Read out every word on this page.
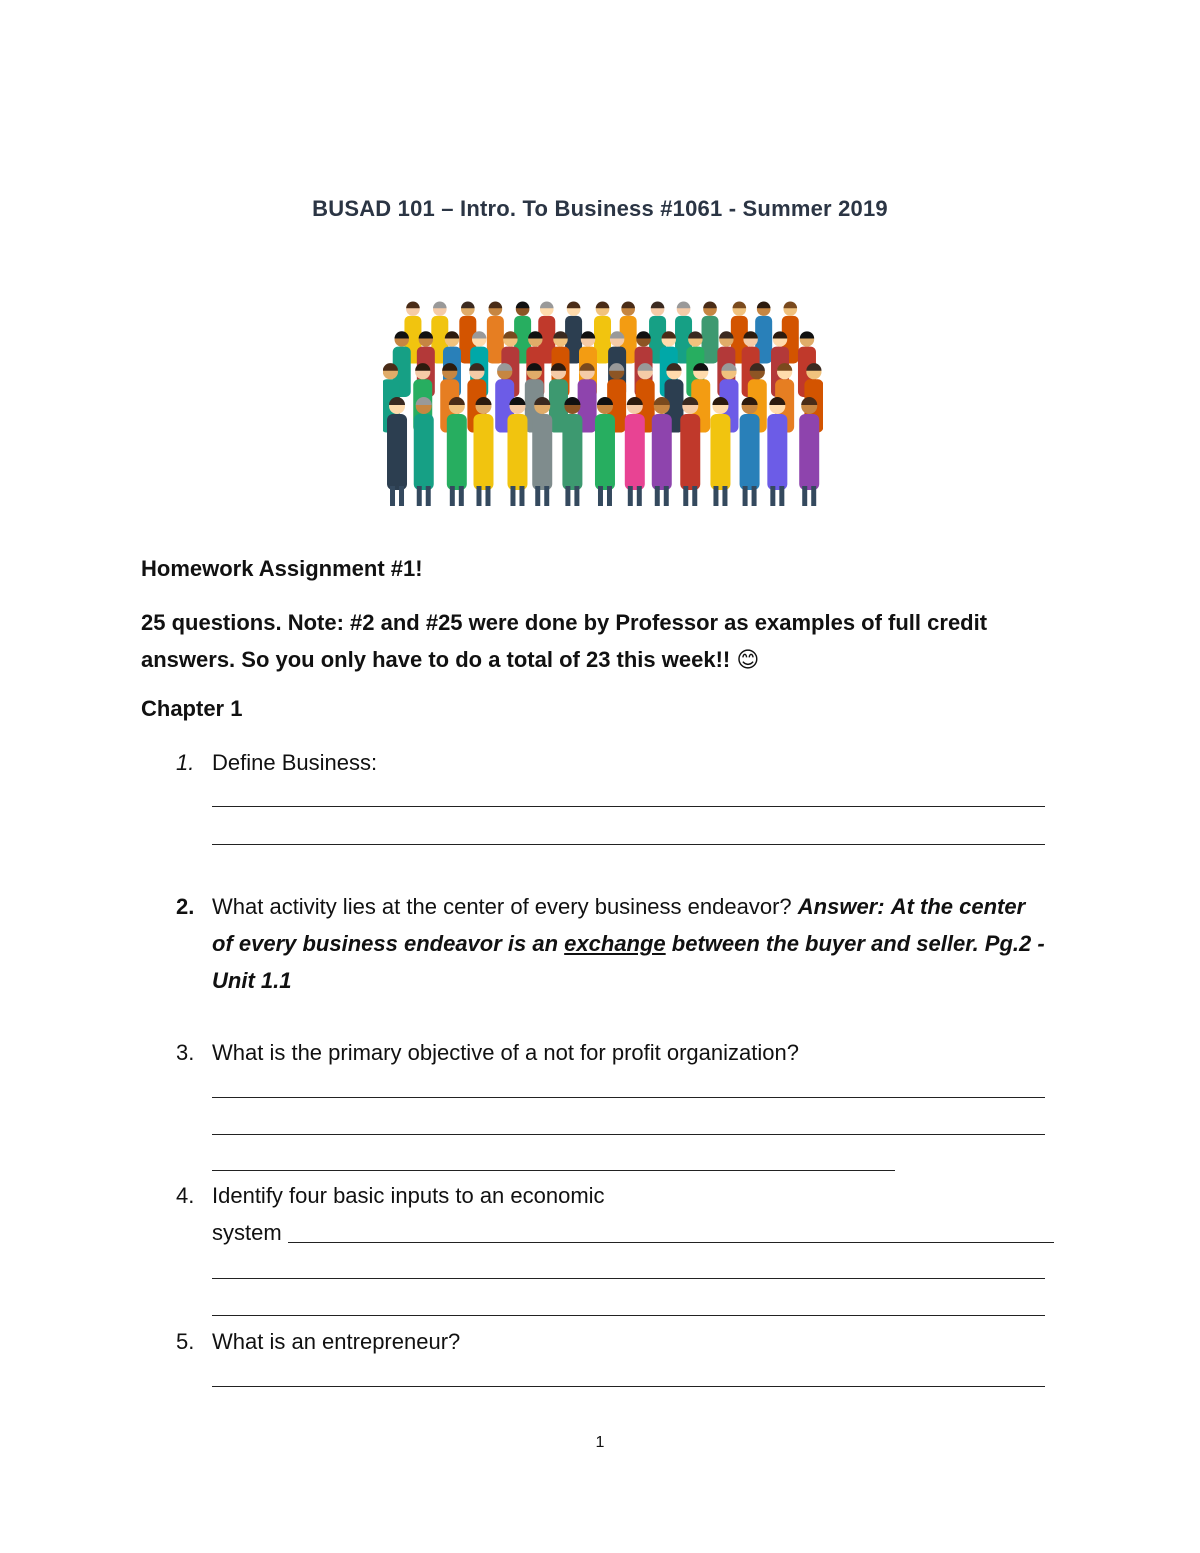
BUSAD 101 – Intro. To Business #1061 - Summer 2019
Homework Assignment #1!
25 questions. Note: #2 and #25 were done by Professor as examples of full credit answers. So you only have to do a total of 23 this week!! 😊
Chapter 1
1. Define Business:
2. What activity lies at the center of every business endeavor? Answer: At the center of every business endeavor is an exchange between the buyer and seller. Pg.2 -Unit 1.1
3. What is the primary objective of a not for profit organization?
4. Identify four basic inputs to an economic
system
5. What is an entrepreneur?
1
